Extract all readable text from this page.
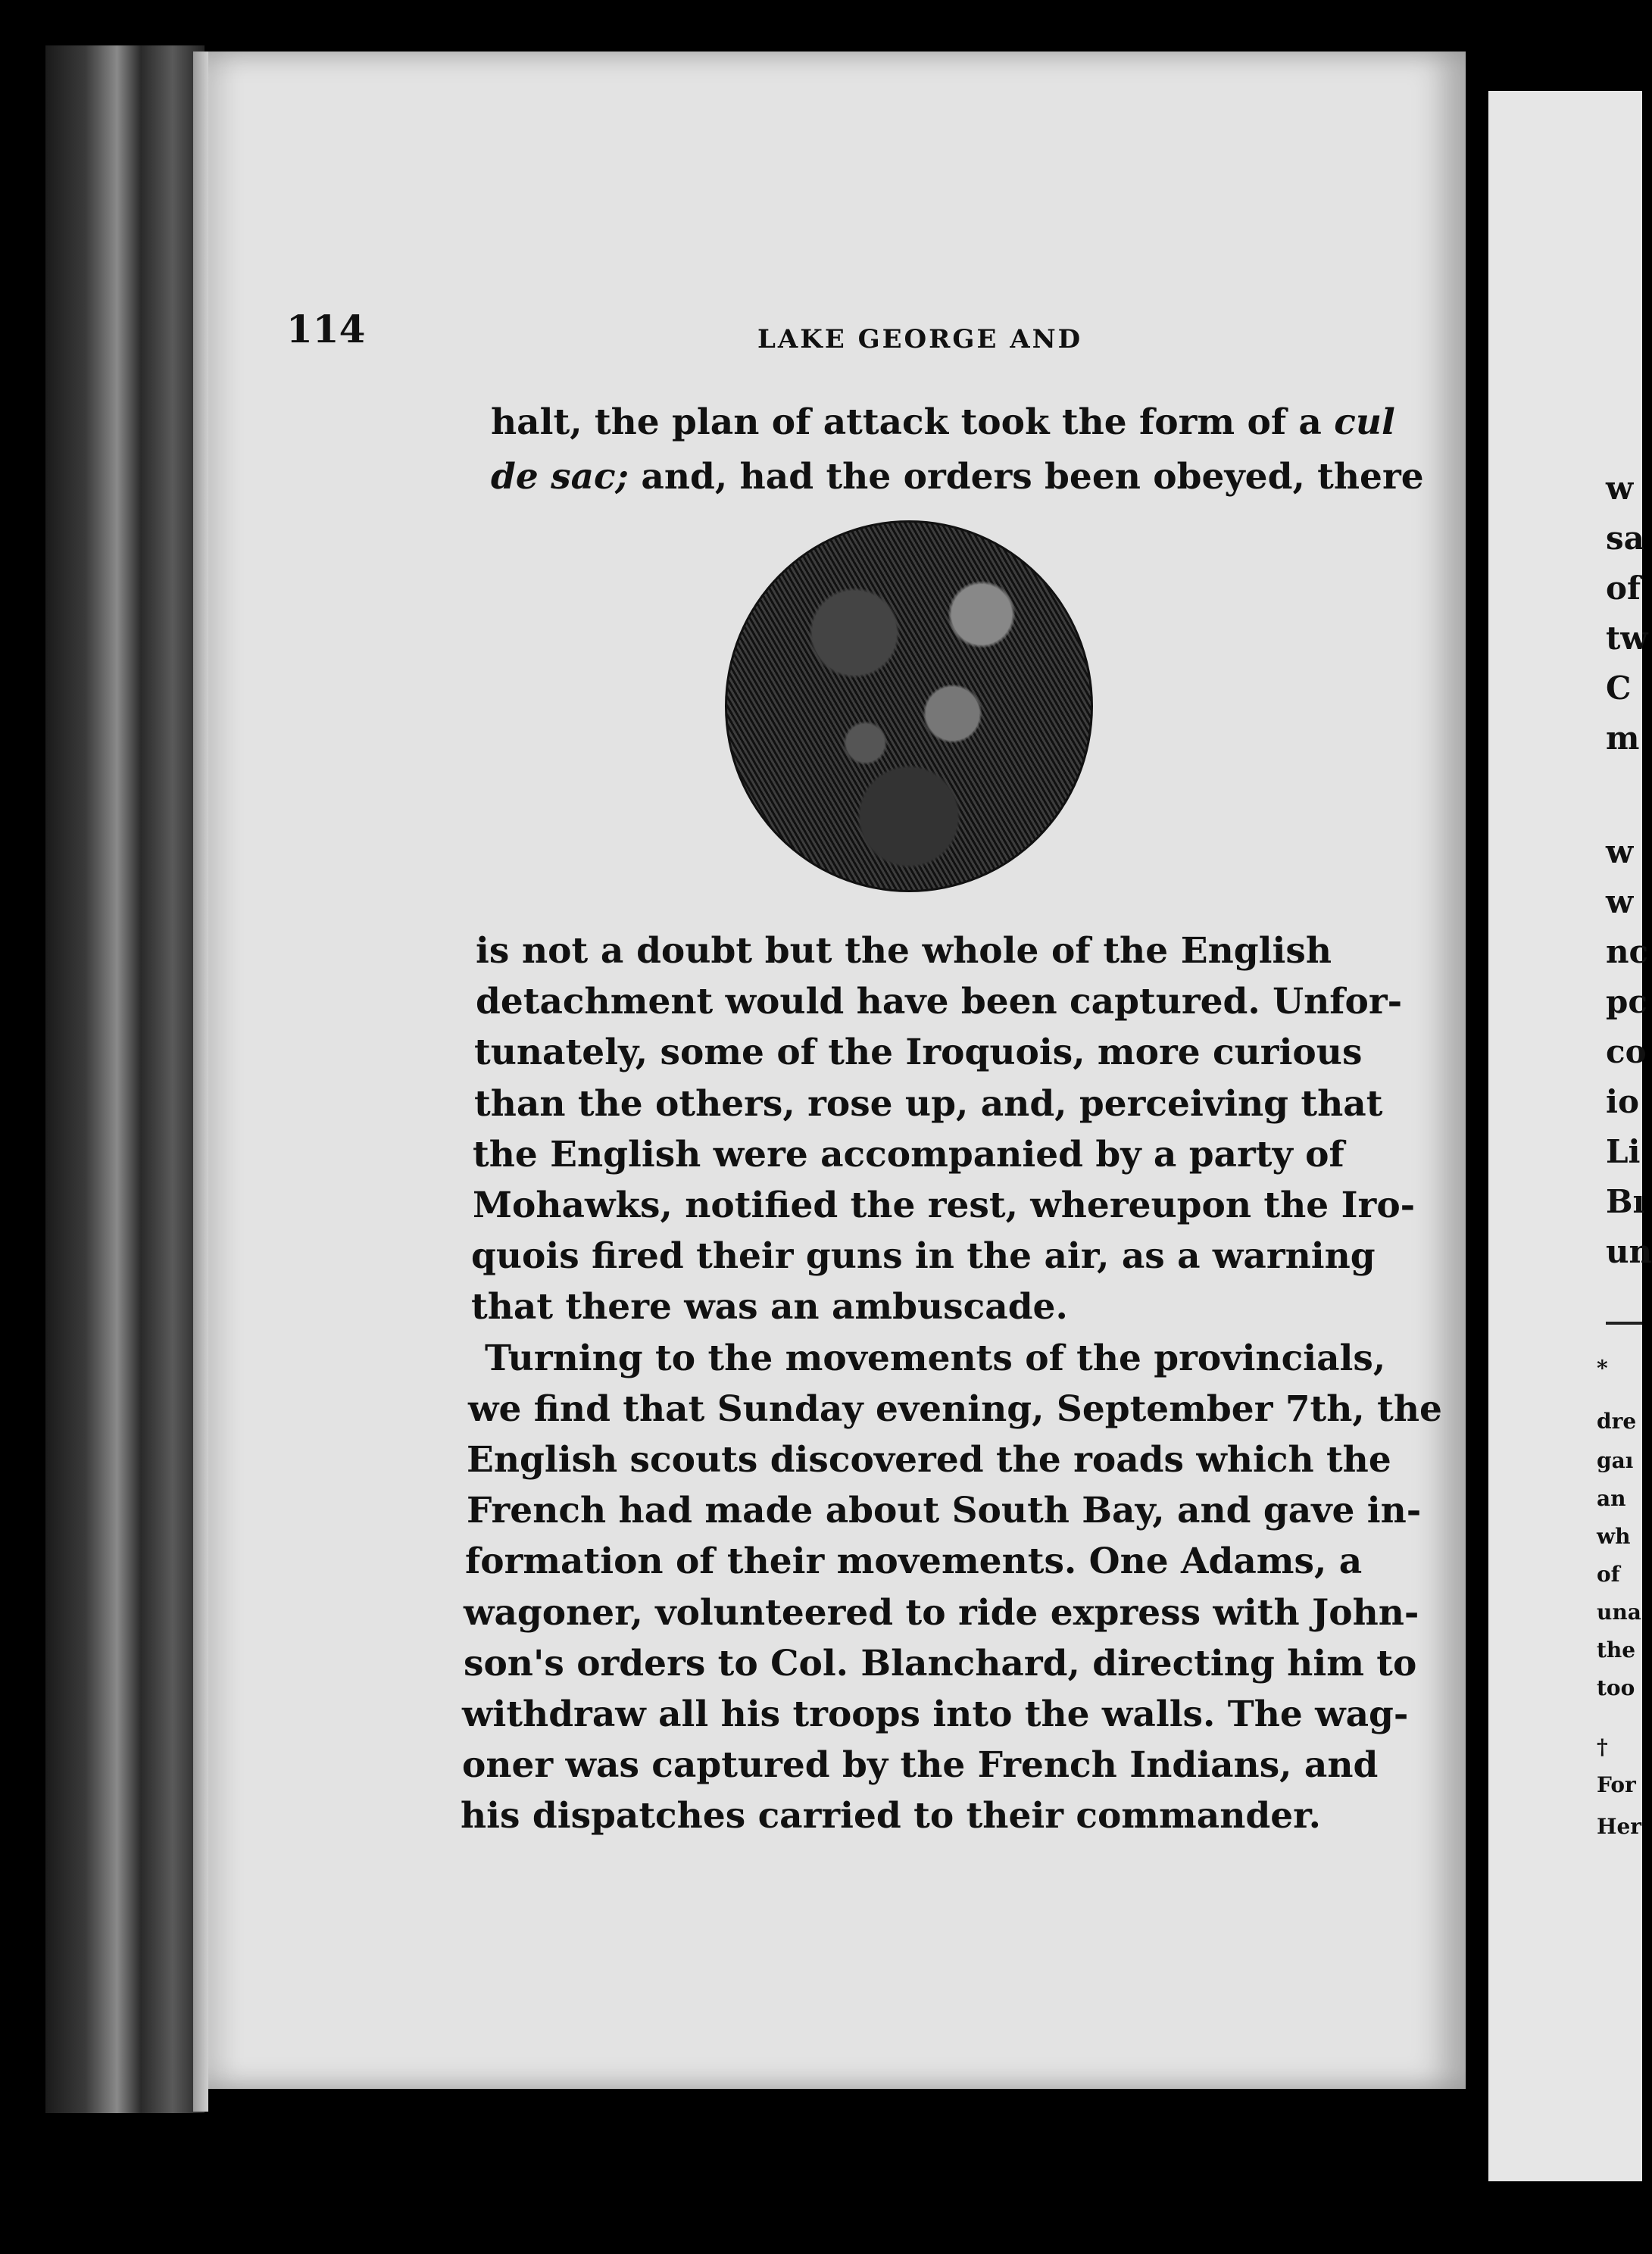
114	LAKE GEORGE AND
halt, the plan of attack took the form of a cul
de sac; and, had the orders been obeyed, there
is not a doubt but the whole of the English
detachment would have been captured. Unfor-
tunately, some of the Iroquois, more curious
than the others, rose up, and, perceiving that
the English were accompanied by a party of
Mohawks, notified the rest, whereupon the Iro-
quois fired their guns in the air, as a warning
that there was an ambuscade.
Turning to the movements of the provincials,
we find that Sunday evening, September 7th, the
English scouts discovered the roads which the
French had made about South Bay, and gave in-
formation of their movements. One Adams, a
wagoner, volunteered to ride express with John-
son's orders to Col. Blanchard, directing him to
withdraw all his troops into the walls. The wag-
oner was captured by the French Indians, and
his dispatches carried to their commander.
w
sa
of
tw
C
m
w
w
nc
pc
co
io
Li
Bı
un
*
dre
gaı
an
wh
of
una
the
too
†
For
Her
